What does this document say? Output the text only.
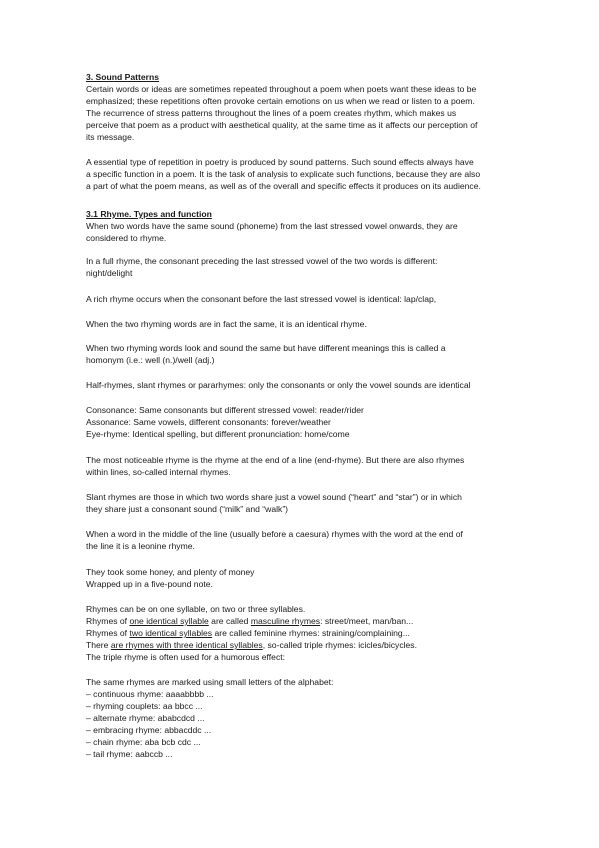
3. Sound Patterns

Certain words or ideas are sometimes repeated throughout a poem when poets want these ideas to be

emphasized; these repetitions often provoke certain emotions on us when we read or listen to a poem.

The recurrence of stress patterns throughout the lines of a poem creates rhythm, which makes us

perceive that poem as a product with aesthetical quality, at the same time as it affects our perception of

its message.

A essential type of repetition in poetry is produced by sound patterns. Such sound effects always have

a specific function in a poem. It is the task of analysis to explicate such functions, because they are also

a part of what the poem means, as well as of the overall and specific effects it produces on its audience.

3.1 Rhyme. Types and function

When two words have the same sound (phoneme) from the last stressed vowel onwards, they are

considered to rhyme.

In a full rhyme, the consonant preceding the last stressed vowel of the two words is different:

night/delight

A rich rhyme occurs when the consonant before the last stressed vowel is identical: lap/clap,

When the two rhyming words are in fact the same, it is an identical rhyme.

When two rhyming words look and sound the same but have different meanings this is called a

homonym (i.e.: well (n.)/well (adj.)

Half-rhymes, slant rhymes or pararhymes: only the consonants or only the vowel sounds are identical

Consonance: Same consonants but different stressed vowel: reader/rider

Assonance: Same vowels, different consonants: forever/weather

Eye-rhyme: Identical spelling, but different pronunciation: home/come

The most noticeable rhyme is the rhyme at the end of a line (end-rhyme). But there are also rhymes

within lines, so-called internal rhymes.

Slant rhymes are those in which two words share just a vowel sound (“heart” and “star”) or in which

they share just a consonant sound (“milk” and “walk”)

When a word in the middle of the line (usually before a caesura) rhymes with the word at the end of

the line it is a leonine rhyme.

They took some honey, and plenty of money

Wrapped up in a five-pound note.

Rhymes can be on one syllable, on two or three syllables.

Rhymes of one identical syllable are called masculine rhymes: street/meet, man/ban...

Rhymes of two identical syllables are called feminine rhymes: straining/complaining...

There are rhymes with three identical syllables, so-called triple rhymes: icicles/bicycles.

The triple rhyme is often used for a humorous effect:

The same rhymes are marked using small letters of the alphabet:

– continuous rhyme: aaaabbbb ...

– rhyming couplets: aa bbcc ...

– alternate rhyme: ababcdcd ...

– embracing rhyme: abbacddc ...

– chain rhyme: aba bcb cdc ...

– tail rhyme: aabccb ...
